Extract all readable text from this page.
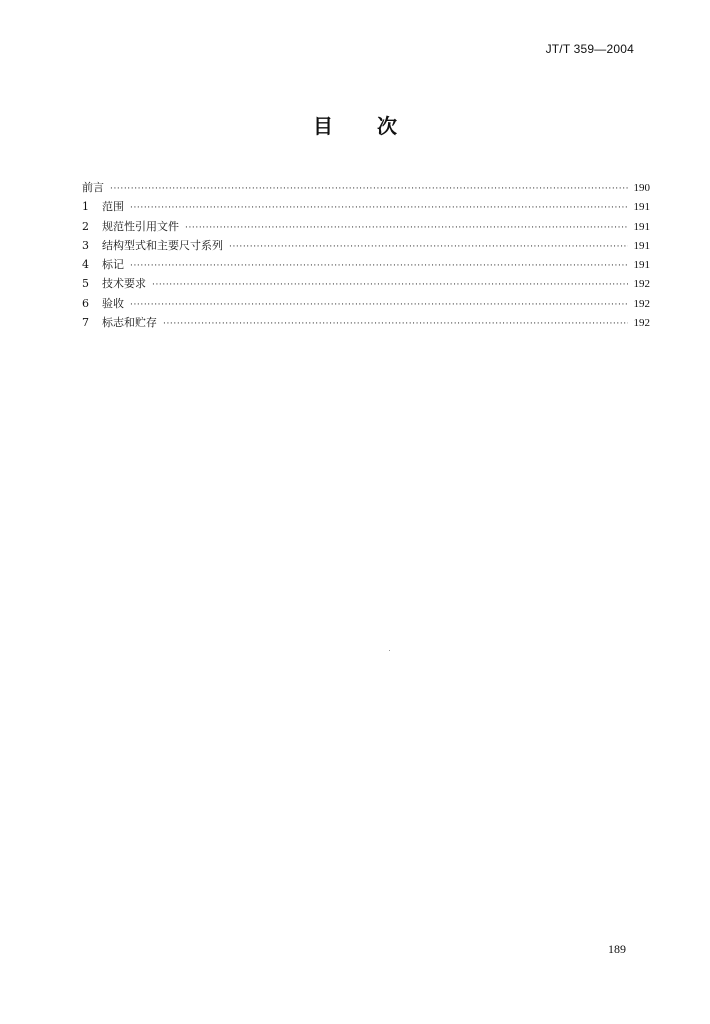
JT/T 359—2004
目 次
前言 ·····	190
1	范围 ·····	191
2	规范性引用文件 ·····	191
3	结构型式和主要尺寸系列 ·····	191
4	标记 ·····	191
5	技术要求 ·····	192
6	验收 ·····	192
7	标志和贮存 ·····	192
189
